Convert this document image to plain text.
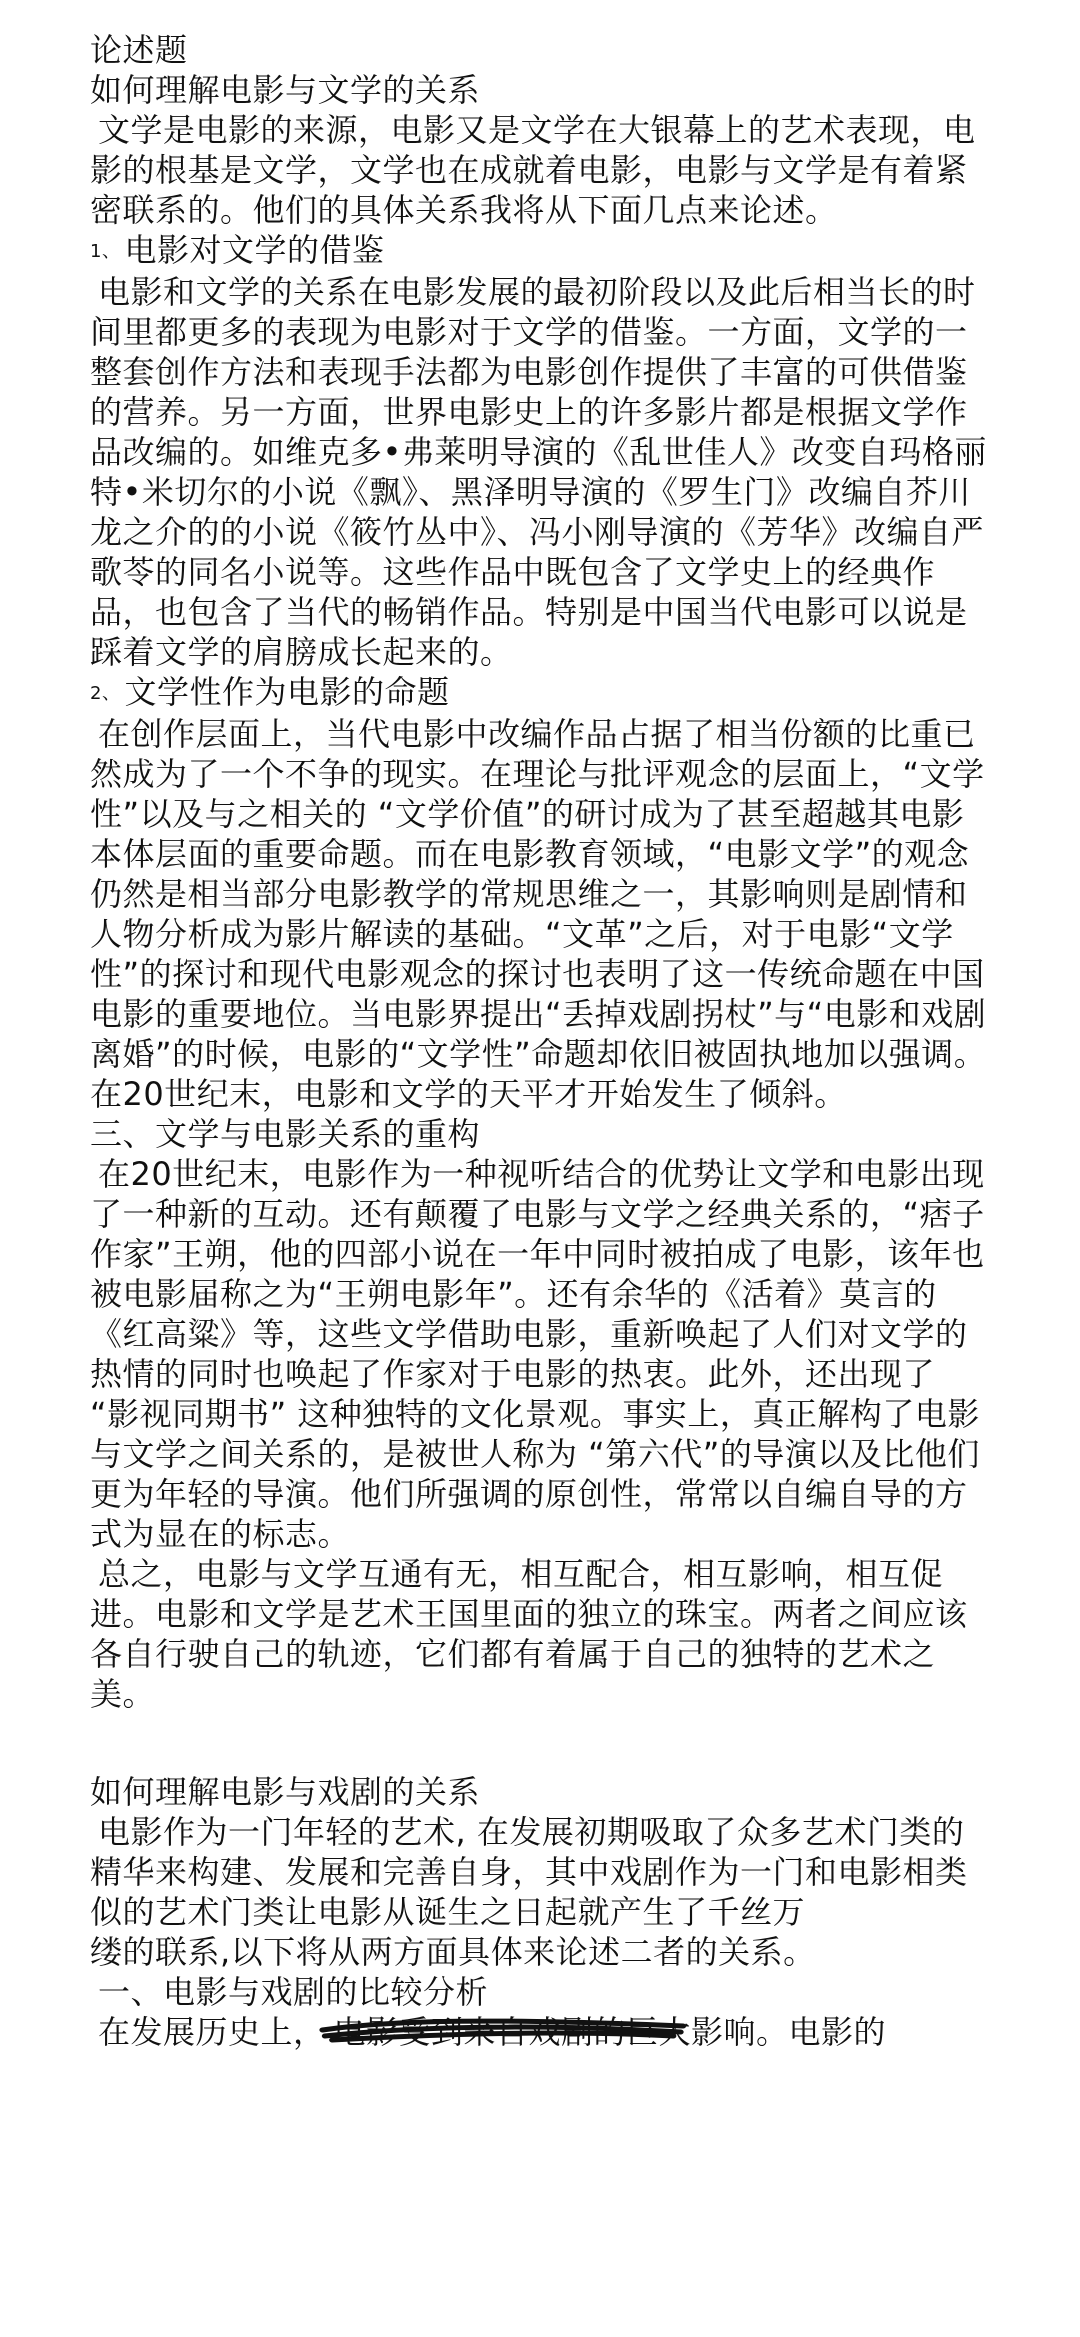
论述题
如何理解电影与文学的关系
文学是电影的来源，电影又是文学在大银幕上的艺术表现，电影的根基是文学，文学也在成就着电影，电影与文学是有着紧密联系的。他们的具体关系我将从下面几点来论述。
1、 电影对文学的借鉴
电影和文学的关系在电影发展的最初阶段以及此后相当长的时间里都更多的表现为电影对于文学的借鉴。一方面，文学的一整套创作方法和表现手法都为电影创作提供了丰富的可供借鉴的营养。另一方面，世界电影史上的许多影片都是根据文学作品改编的。如维克多•弗莱明导演的《乱世佳人》改变自玛格丽特•米切尔的小说《飘》、黑泽明导演的《罗生门》改编自芥川龙之介的的小说《筱竹丛中》、冯小刚导演的《芳华》改编自严歌苓的同名小说等。这些作品中既包含了文学史上的经典作品，也包含了当代的畅销作品。特别是中国当代电影可以说是踩着文学的肩膀成长起来的。
2、 文学性作为电影的命题
在创作层面上，当代电影中改编作品占据了相当份额的比重已然成为了一个不争的现实。在理论与批评观念的层面上，“文学性”以及与之相关的 “文学价值”的研讨成为了甚至超越其电影本体层面的重要命题。而在电影教育领域，“电影文学”的观念仍然是相当部分电影教学的常规思维之一，其影响则是剧情和人物分析成为影片解读的基础。“文革”之后，对于电影“文学性”的探讨和现代电影观念的探讨也表明了这一传统命题在中国电影的重要地位。当电影界提出“丢掉戏剧拐杖”与“电影和戏剧离婚”的时候，电影的“文学性”命题却依旧被固执地加以强调。在20世纪末，电影和文学的天平才开始发生了倾斜。
三、文学与电影关系的重构
在20世纪末，电影作为一种视听结合的优势让文学和电影出现了一种新的互动。还有颠覆了电影与文学之经典关系的，“痞子作家”王朔，他的四部小说在一年中同时被拍成了电影，该年也被电影届称之为“王朔电影年”。还有余华的《活着》莫言的《红高粱》等，这些文学借助电影，重新唤起了人们对文学的热情的同时也唤起了作家对于电影的热衷。此外，还出现了 “影视同期书” 这种独特的文化景观。事实上，真正解构了电影与文学之间关系的，是被世人称为 “第六代”的导演以及比他们更为年轻的导演。他们所强调的原创性，常常以自编自导的方式为显在的标志。
总之，电影与文学互通有无，相互配合，相互影响，相互促进。电影和文学是艺术王国里面的独立的珠宝。两者之间应该各自行驶自己的轨迹，它们都有着属于自己的独特的艺术之美。
如何理解电影与戏剧的关系
电影作为一门年轻的艺术, 在发展初期吸取了众多艺术门类的精华来构建、发展和完善自身，其中戏剧作为一门和电影相类似的艺术门类让电影从诞生之日起就产生了千丝万
缕的联系,以下将从两方面具体来论述二者的关系。
一、电影与戏剧的比较分析
在发展历史上， 电影受到来自戏剧的巨大
影响。电影的
